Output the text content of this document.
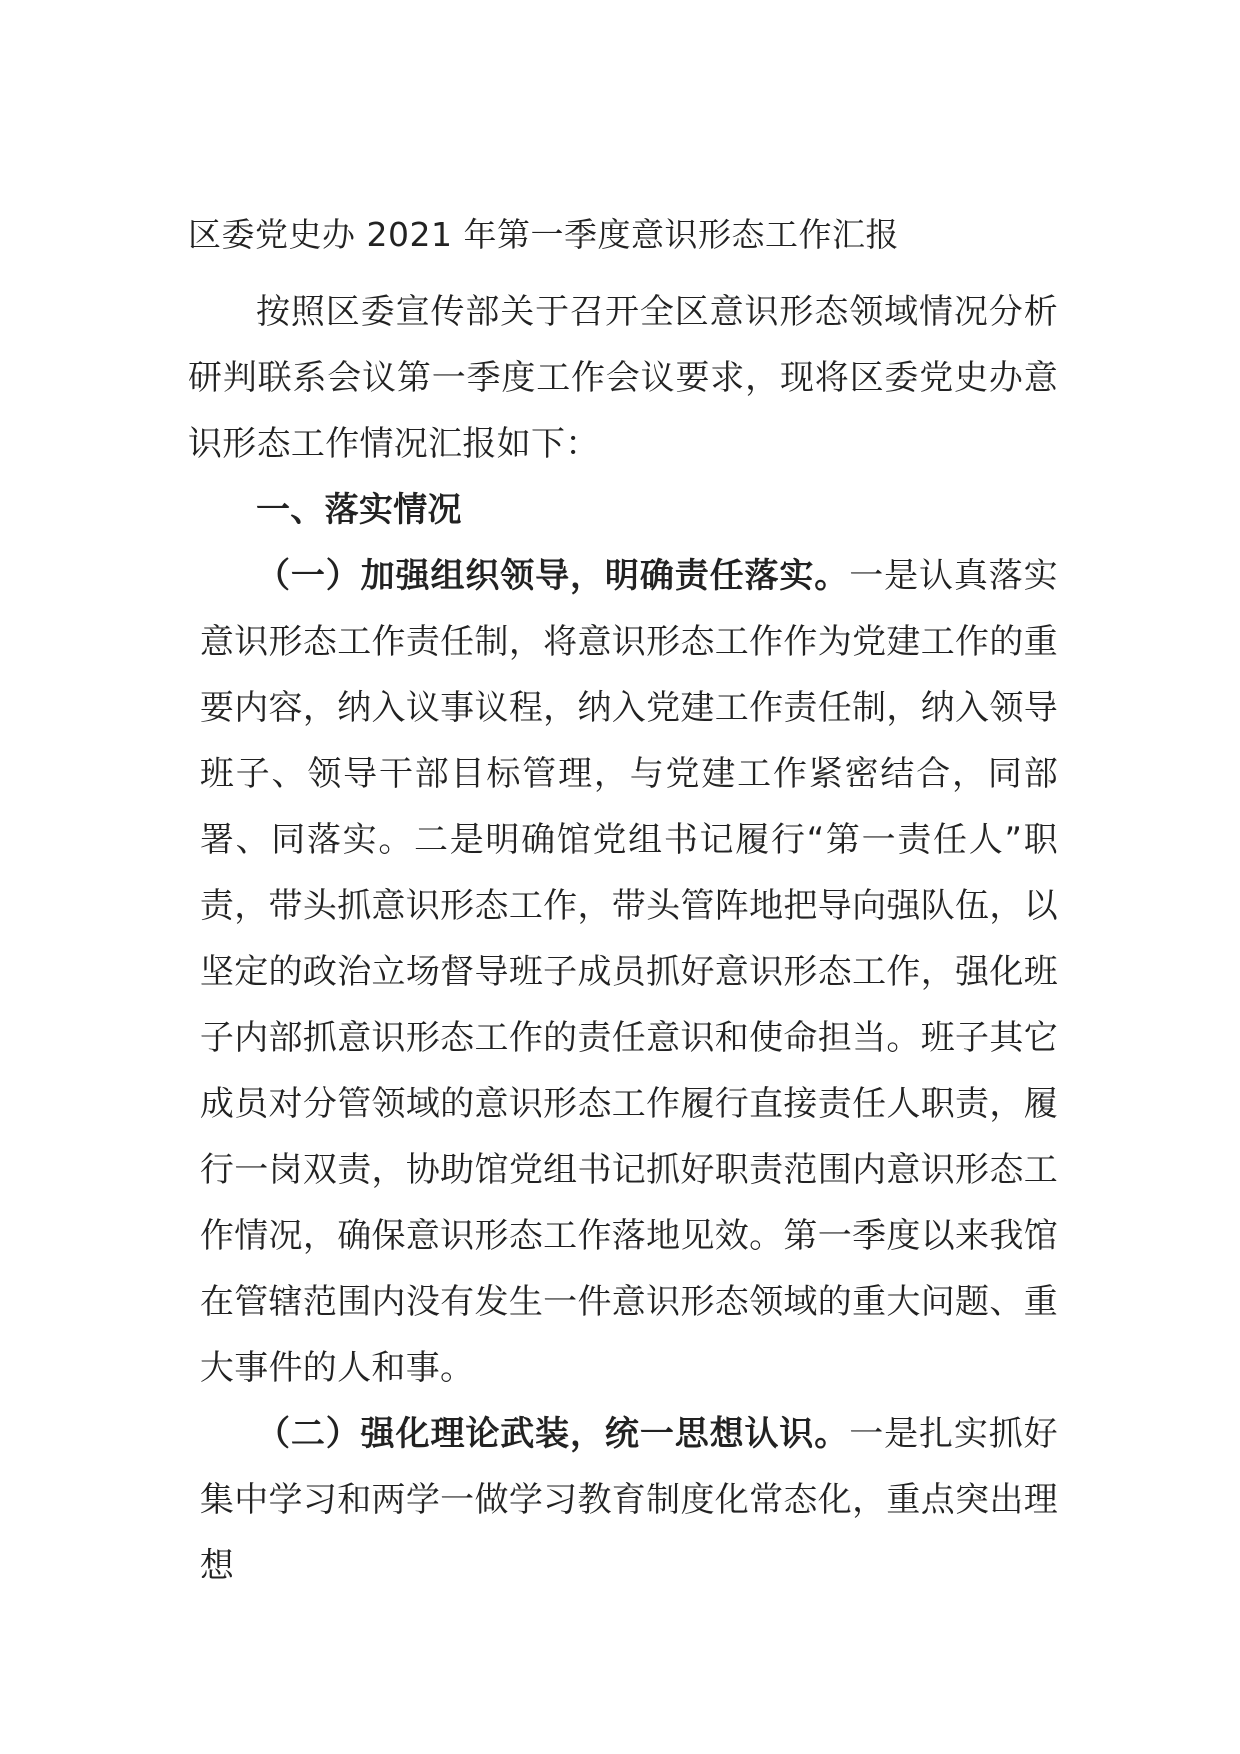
区委党史办 2021 年第一季度意识形态工作汇报

按照区委宣传部关于召开全区意识形态领域情况分析研判联系会议第一季度工作会议要求，现将区委党史办意识形态工作情况汇报如下：

一、落实情况

（一）加强组织领导，明确责任落实。一是认真落实意识形态工作责任制，将意识形态工作作为党建工作的重要内容，纳入议事议程，纳入党建工作责任制，纳入领导班子、领导干部目标管理，与党建工作紧密结合，同部署、同落实。二是明确馆党组书记履行“第一责任人”职责，带头抓意识形态工作，带头管阵地把导向强队伍，以坚定的政治立场督导班子成员抓好意识形态工作，强化班子内部抓意识形态工作的责任意识和使命担当。班子其它成员对分管领域的意识形态工作履行直接责任人职责，履行一岗双责，协助馆党组书记抓好职责范围内意识形态工作情况，确保意识形态工作落地见效。第一季度以来我馆在管辖范围内没有发生一件意识形态领域的重大问题、重大事件的人和事。

（二）强化理论武装，统一思想认识。一是扎实抓好集中学习和两学一做学习教育制度化常态化，重点突出理想
